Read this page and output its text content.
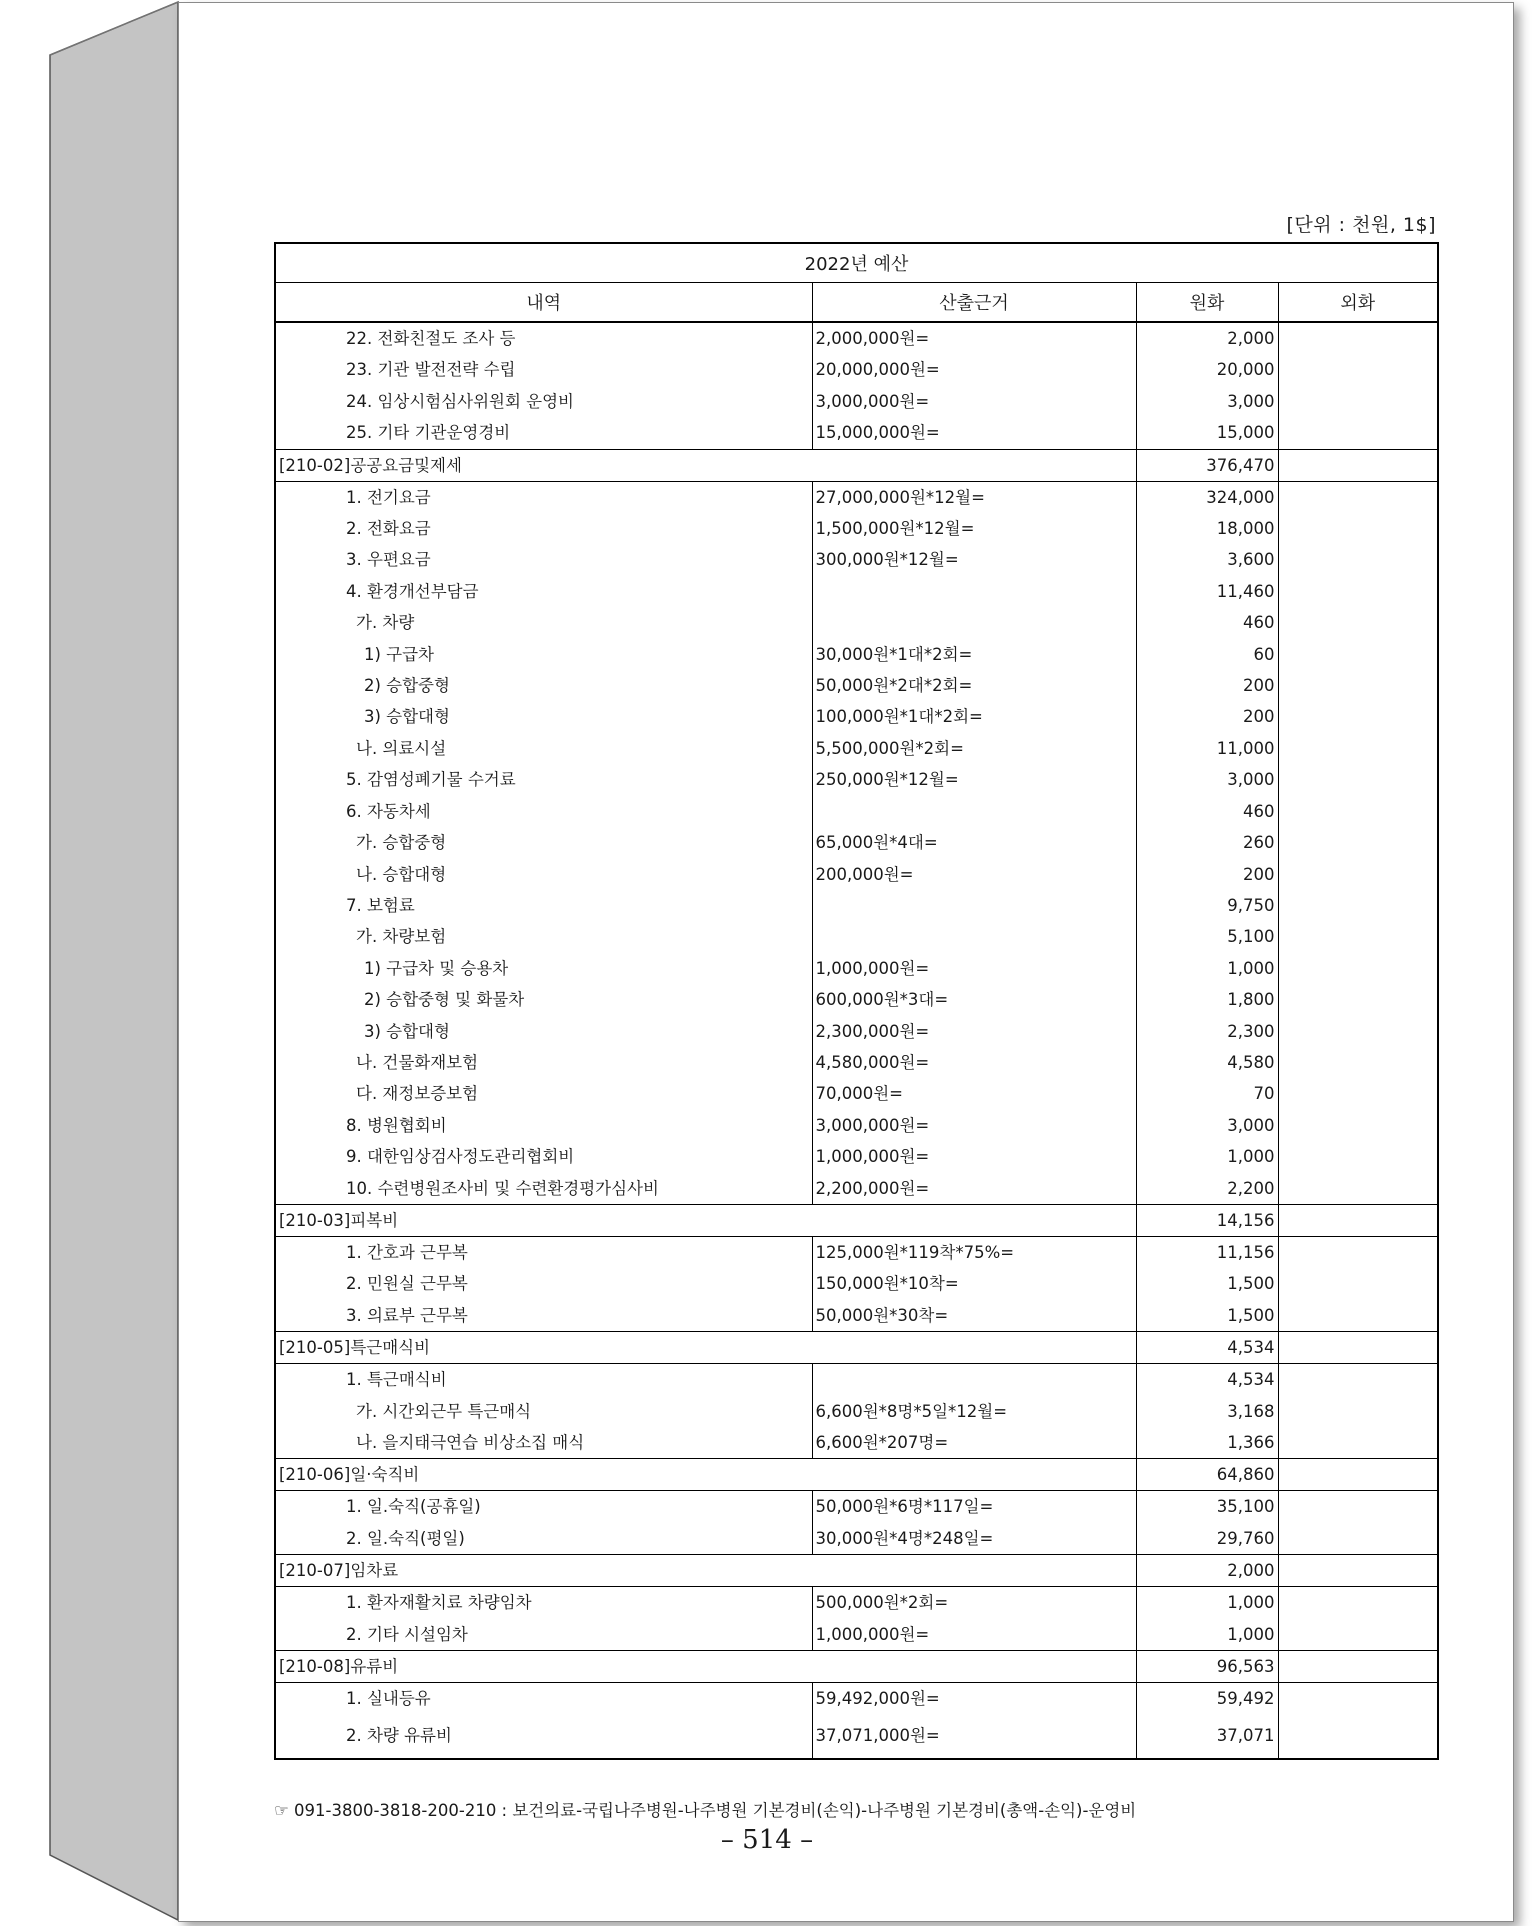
[단위 : 천원, 1$]
2022년 예산			
내역	산출근거	원화	외화
22. 전화친절도 조사 등	2,000,000원=	2,000	
23. 기관 발전전략 수립	20,000,000원=	20,000	
24. 임상시험심사위원회 운영비	3,000,000원=	3,000	
25. 기타 기관운영경비	15,000,000원=	15,000	
[210-02]공공요금및제세		376,470	
1. 전기요금	27,000,000원*12월=	324,000	
2. 전화요금	1,500,000원*12월=	18,000	
3. 우편요금	300,000원*12월=	3,600	
4. 환경개선부담금		11,460	
가. 차량		460	
1) 구급차	30,000원*1대*2회=	60	
2) 승합중형	50,000원*2대*2회=	200	
3) 승합대형	100,000원*1대*2회=	200	
나. 의료시설	5,500,000원*2회=	11,000	
5. 감염성폐기물 수거료	250,000원*12월=	3,000	
6. 자동차세		460	
가. 승합중형	65,000원*4대=	260	
나. 승합대형	200,000원=	200	
7. 보험료		9,750	
가. 차량보험		5,100	
1) 구급차 및 승용차	1,000,000원=	1,000	
2) 승합중형 및 화물차	600,000원*3대=	1,800	
3) 승합대형	2,300,000원=	2,300	
나. 건물화재보험	4,580,000원=	4,580	
다. 재정보증보험	70,000원=	70	
8. 병원협회비	3,000,000원=	3,000	
9. 대한임상검사정도관리협회비	1,000,000원=	1,000	
10. 수련병원조사비 및 수련환경평가심사비	2,200,000원=	2,200	
[210-03]피복비		14,156	
1. 간호과 근무복	125,000원*119착*75%=	11,156	
2. 민원실 근무복	150,000원*10착=	1,500	
3. 의료부 근무복	50,000원*30착=	1,500	
[210-05]특근매식비		4,534	
1. 특근매식비		4,534	
가. 시간외근무 특근매식	6,600원*8명*5일*12월=	3,168	
나. 을지태극연습 비상소집 매식	6,600원*207명=	1,366	
[210-06]일·숙직비		64,860	
1. 일.숙직(공휴일)	50,000원*6명*117일=	35,100	
2. 일.숙직(평일)	30,000원*4명*248일=	29,760	
[210-07]임차료		2,000	
1. 환자재활치료 차량임차	500,000원*2회=	1,000	
2. 기타 시설임차	1,000,000원=	1,000	
[210-08]유류비		96,563	
1. 실내등유	59,492,000원=	59,492	
2. 차량 유류비	37,071,000원=	37,071	
☞ 091-3800-3818-200-210 : 보건의료-국립나주병원-나주병원 기본경비(손익)-나주병원 기본경비(총액-손익)-운영비
– 514 –
